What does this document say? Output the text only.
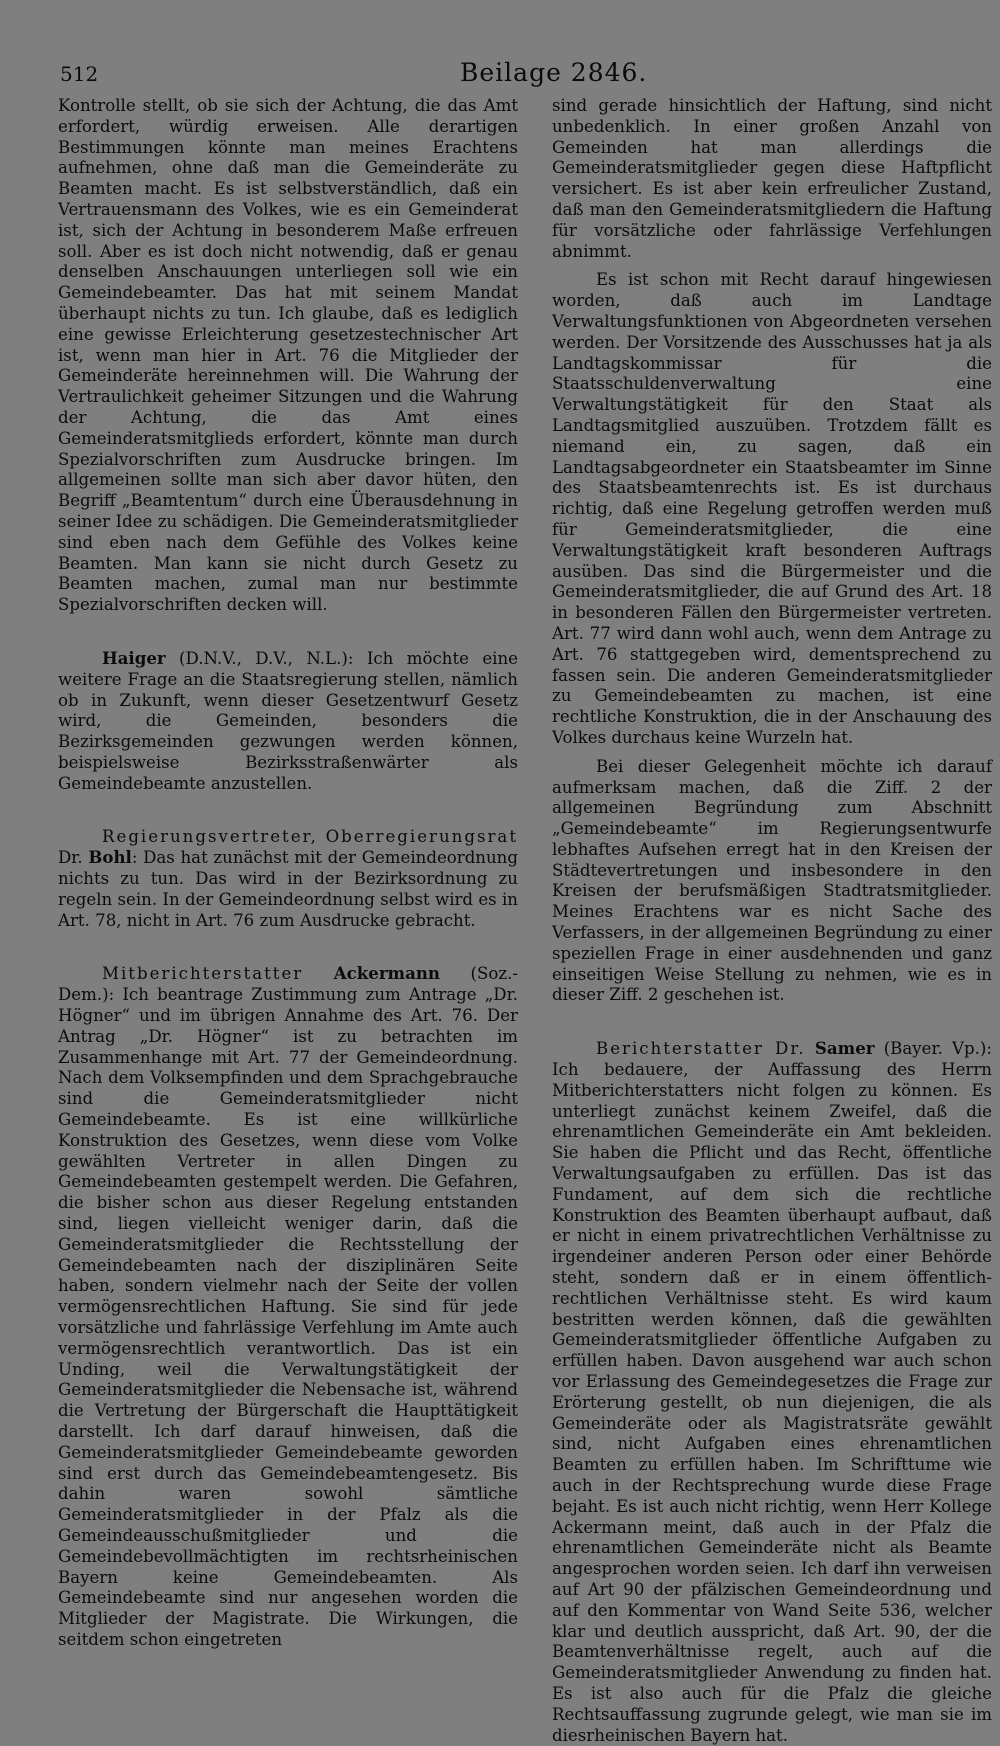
512	Beilage 2846.

Kontrolle stellt, ob sie sich der Achtung, die das Amt erfordert, würdig erweisen. Alle derartigen Bestimmungen könnte man meines Erachtens aufnehmen, ohne daß man die Gemeinderäte zu Beamten macht. Es ist selbstverständlich, daß ein Vertrauensmann des Volkes, wie es ein Gemeinderat ist, sich der Achtung in besonderem Maße erfreuen soll. Aber es ist doch nicht notwendig, daß er genau denselben Anschauungen unterliegen soll wie ein Gemeindebeamter. Das hat mit seinem Mandat überhaupt nichts zu tun. Ich glaube, daß es lediglich eine gewisse Erleichterung gesetzestechnischer Art ist, wenn man hier in Art. 76 die Mitglieder der Gemeinderäte hereinnehmen will. Die Wahrung der Vertraulichkeit geheimer Sitzungen und die Wahrung der Achtung, die das Amt eines Gemeinderatsmitglieds erfordert, könnte man durch Spezialvorschriften zum Ausdrucke bringen. Im allgemeinen sollte man sich aber davor hüten, den Begriff „Beamtentum“ durch eine Überausdehnung in seiner Idee zu schädigen. Die Gemeinderatsmitglieder sind eben nach dem Gefühle des Volkes keine Beamten. Man kann sie nicht durch Gesetz zu Beamten machen, zumal man nur bestimmte Spezialvorschriften decken will.

Haiger (D.N.V., D.V., N.L.): Ich möchte eine weitere Frage an die Staatsregierung stellen, nämlich ob in Zukunft, wenn dieser Gesetzentwurf Gesetz wird, die Gemeinden, besonders die Bezirksgemeinden gezwungen werden können, beispielsweise Bezirksstraßenwärter als Gemeindebeamte anzustellen.

Regierungsvertreter, Oberregierungsrat Dr. Bohl: Das hat zunächst mit der Gemeindeordnung nichts zu tun. Das wird in der Bezirksordnung zu regeln sein. In der Gemeindeordnung selbst wird es in Art. 78, nicht in Art. 76 zum Ausdrucke gebracht.

Mitberichterstatter Ackermann (Soz.-Dem.): Ich beantrage Zustimmung zum Antrage „Dr. Högner“ und im übrigen Annahme des Art. 76. Der Antrag „Dr. Högner“ ist zu betrachten im Zusammenhange mit Art. 77 der Gemeindeordnung. Nach dem Volksempfinden und dem Sprachgebrauche sind die Gemeinderatsmitglieder nicht Gemeindebeamte. Es ist eine willkürliche Konstruktion des Gesetzes, wenn diese vom Volke gewählten Vertreter in allen Dingen zu Gemeindebeamten gestempelt werden. Die Gefahren, die bisher schon aus dieser Regelung entstanden sind, liegen vielleicht weniger darin, daß die Gemeinderatsmitglieder die Rechtsstellung der Gemeindebeamten nach der disziplinären Seite haben, sondern vielmehr nach der Seite der vollen vermögensrechtlichen Haftung. Sie sind für jede vorsätzliche und fahrlässige Verfehlung im Amte auch vermögensrechtlich verantwortlich. Das ist ein Unding, weil die Verwaltungstätigkeit der Gemeinderatsmitglieder die Nebensache ist, während die Vertretung der Bürgerschaft die Haupttätigkeit darstellt. Ich darf darauf hinweisen, daß die Gemeinderatsmitglieder Gemeindebeamte geworden sind erst durch das Gemeindebeamtengesetz. Bis dahin waren sowohl sämtliche Gemeinderatsmitglieder in der Pfalz als die Gemeindeausschußmitglieder und die Gemeindebevollmächtigten im rechtsrheinischen Bayern keine Gemeindebeamten. Als Gemeindebeamte sind nur angesehen worden die Mitglieder der Magistrate. Die Wirkungen, die seitdem schon eingetreten

sind gerade hinsichtlich der Haftung, sind nicht unbedenklich. In einer großen Anzahl von Gemeinden hat man allerdings die Gemeinderatsmitglieder gegen diese Haftpflicht versichert. Es ist aber kein erfreulicher Zustand, daß man den Gemeinderatsmitgliedern die Haftung für vorsätzliche oder fahrlässige Verfehlungen abnimmt.

Es ist schon mit Recht darauf hingewiesen worden, daß auch im Landtage Verwaltungsfunktionen von Abgeordneten versehen werden. Der Vorsitzende des Ausschusses hat ja als Landtagskommissar für die Staatsschuldenverwaltung eine Verwaltungstätigkeit für den Staat als Landtagsmitglied auszuüben. Trotzdem fällt es niemand ein, zu sagen, daß ein Landtagsabgeordneter ein Staatsbeamter im Sinne des Staatsbeamtenrechts ist. Es ist durchaus richtig, daß eine Regelung getroffen werden muß für Gemeinderatsmitglieder, die eine Verwaltungstätigkeit kraft besonderen Auftrags ausüben. Das sind die Bürgermeister und die Gemeinderatsmitglieder, die auf Grund des Art. 18 in besonderen Fällen den Bürgermeister vertreten. Art. 77 wird dann wohl auch, wenn dem Antrage zu Art. 76 stattgegeben wird, dementsprechend zu fassen sein. Die anderen Gemeinderatsmitglieder zu Gemeindebeamten zu machen, ist eine rechtliche Konstruktion, die in der Anschauung des Volkes durchaus keine Wurzeln hat.

Bei dieser Gelegenheit möchte ich darauf aufmerksam machen, daß die Ziff. 2 der allgemeinen Begründung zum Abschnitt „Gemeindebeamte“ im Regierungsentwurfe lebhaftes Aufsehen erregt hat in den Kreisen der Städtevertretungen und insbesondere in den Kreisen der berufsmäßigen Stadtratsmitglieder. Meines Erachtens war es nicht Sache des Verfassers, in der allgemeinen Begründung zu einer speziellen Frage in einer ausdehnenden und ganz einseitigen Weise Stellung zu nehmen, wie es in dieser Ziff. 2 geschehen ist.

Berichterstatter Dr. Samer (Bayer. Vp.): Ich bedauere, der Auffassung des Herrn Mitberichterstatters nicht folgen zu können. Es unterliegt zunächst keinem Zweifel, daß die ehrenamtlichen Gemeinderäte ein Amt bekleiden. Sie haben die Pflicht und das Recht, öffentliche Verwaltungsaufgaben zu erfüllen. Das ist das Fundament, auf dem sich die rechtliche Konstruktion des Beamten überhaupt aufbaut, daß er nicht in einem privatrechtlichen Verhältnisse zu irgendeiner anderen Person oder einer Behörde steht, sondern daß er in einem öffentlich-rechtlichen Verhältnisse steht. Es wird kaum bestritten werden können, daß die gewählten Gemeinderatsmitglieder öffentliche Aufgaben zu erfüllen haben. Davon ausgehend war auch schon vor Erlassung des Gemeindegesetzes die Frage zur Erörterung gestellt, ob nun diejenigen, die als Gemeinderäte oder als Magistratsräte gewählt sind, nicht Aufgaben eines ehrenamtlichen Beamten zu erfüllen haben. Im Schrifttume wie auch in der Rechtsprechung wurde diese Frage bejaht. Es ist auch nicht richtig, wenn Herr Kollege Ackermann meint, daß auch in der Pfalz die ehrenamtlichen Gemeinderäte nicht als Beamte angesprochen worden seien. Ich darf ihn verweisen auf Art 90 der pfälzischen Gemeindeordnung und auf den Kommentar von Wand Seite 536, welcher klar und deutlich ausspricht, daß Art. 90, der die Beamtenverhältnisse regelt, auch auf die Gemeinderatsmitglieder Anwendung zu finden hat. Es ist also auch für die Pfalz die gleiche Rechtsauffassung zugrunde gelegt, wie man sie im diesrheinischen Bayern hat.
